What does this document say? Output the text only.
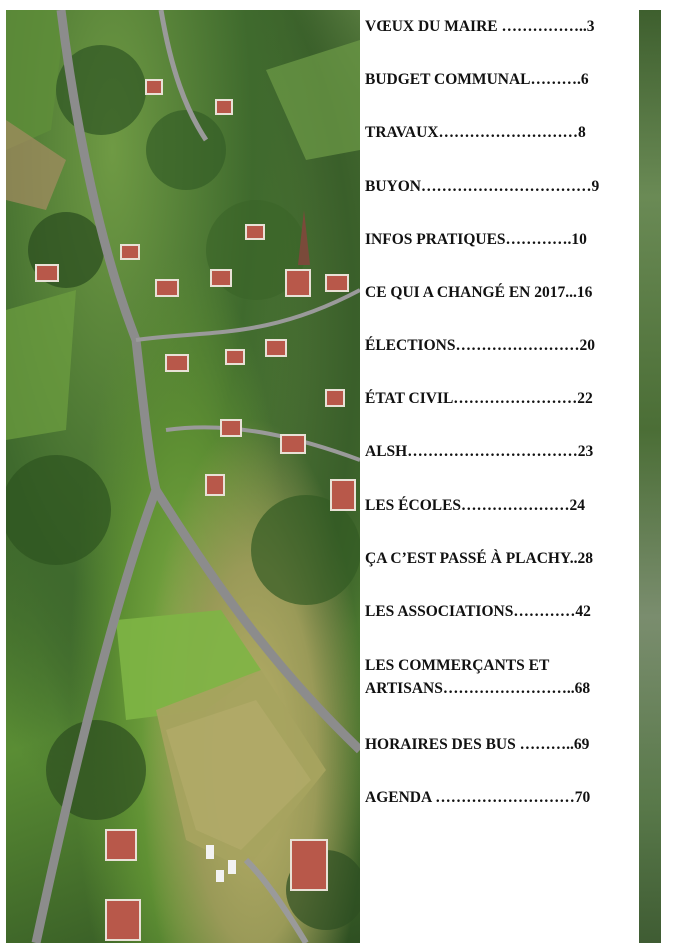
VŒUX DU MAIRE ……………..3
BUDGET COMMUNAL……….6
TRAVAUX………………………8
BUYON……………………………9
INFOS PRATIQUES………….10
CE QUI A CHANGÉ EN 2017...16
ÉLECTIONS……………………20
ÉTAT CIVIL……………………22
ALSH……………………………23
LES ÉCOLES…………………24
ÇA C’EST PASSÉ À PLACHY..28
LES ASSOCIATIONS…………42
LES COMMERÇANTS ET ARTISANS……………………..68
HORAIRES DES BUS ………..69
AGENDA ………………………70
